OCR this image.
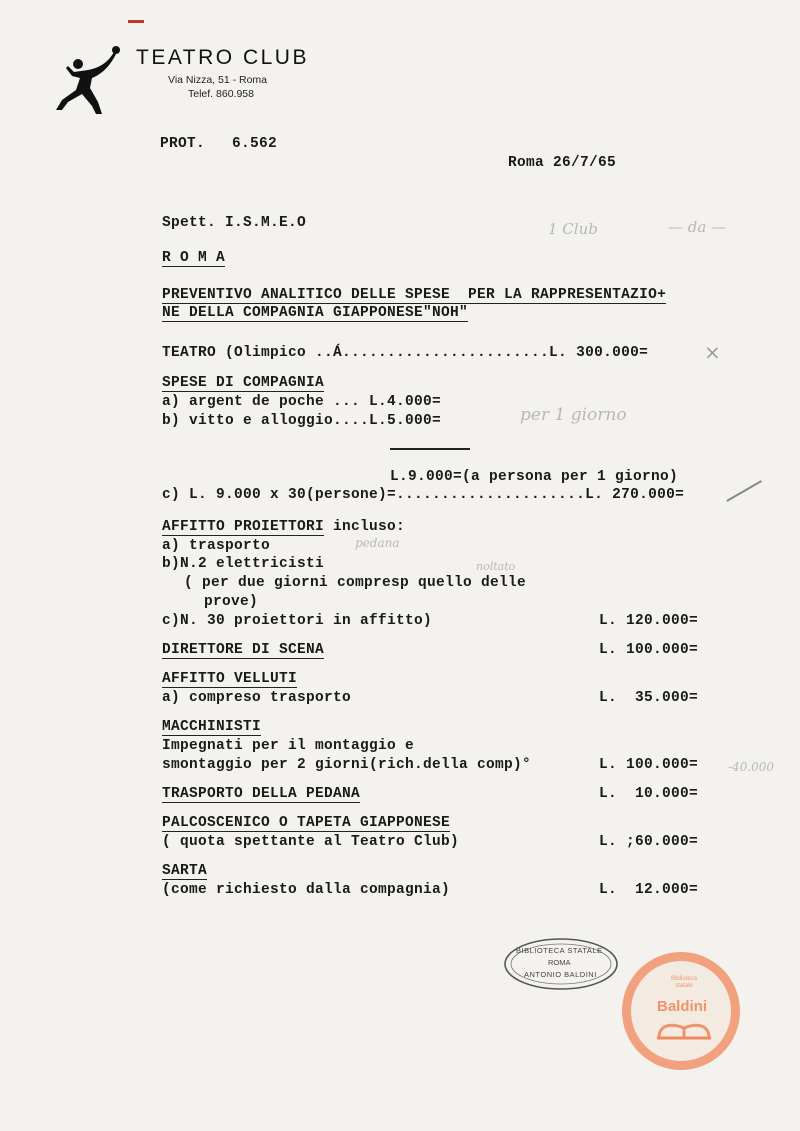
TEATRO CLUB
Via Nizza, 51 - Roma
Telef. 860.958
PROT.   6.562
Roma 26/7/65
Spett. I.S.M.E.O	1 Club	— da —
R O M A
PREVENTIVO ANALITICO DELLE SPESE  PER LA RAPPRESENTAZIO+
NE DELLA COMPAGNIA GIAPPONESE"NOH"
TEATRO (Olimpico ..Á.......................L. 300.000=	×
SPESE DI COMPAGNIA
a) argent de poche ... L.4.000=
b) vitto e alloggio....L.5.000=	per 1 giorno
L.9.000=(a persona per 1 giorno)
c) L. 9.000 x 30(persone)=.....................L. 270.000=
AFFITTO PROIETTORI incluso:
a) trasporto	pedana
b)N.2 elettricisti	noltato
( per due giorni compresp quello delle
prove)
c)N. 30 proiettori in affitto)	L. 120.000=
DIRETTORE DI SCENA	L. 100.000=
AFFITTO VELLUTI
a) compreso trasporto	L.  35.000=
MACCHINISTI
Impegnati per il montaggio e
smontaggio per 2 giorni(rich.della comp)°	L. 100.000= -40.000
TRASPORTO DELLA PEDANA	L.  10.000=
PALCOSCENICO O TAPETA GIAPPONESE
( quota spettante al Teatro Club)	L. ;60.000=
SARTA
(come richiesto dalla compagnia)	L.  12.000=
BIBLIOTECA STATALE
ROMA
ANTONIO BALDINI	Biblioteca statale
Baldini
